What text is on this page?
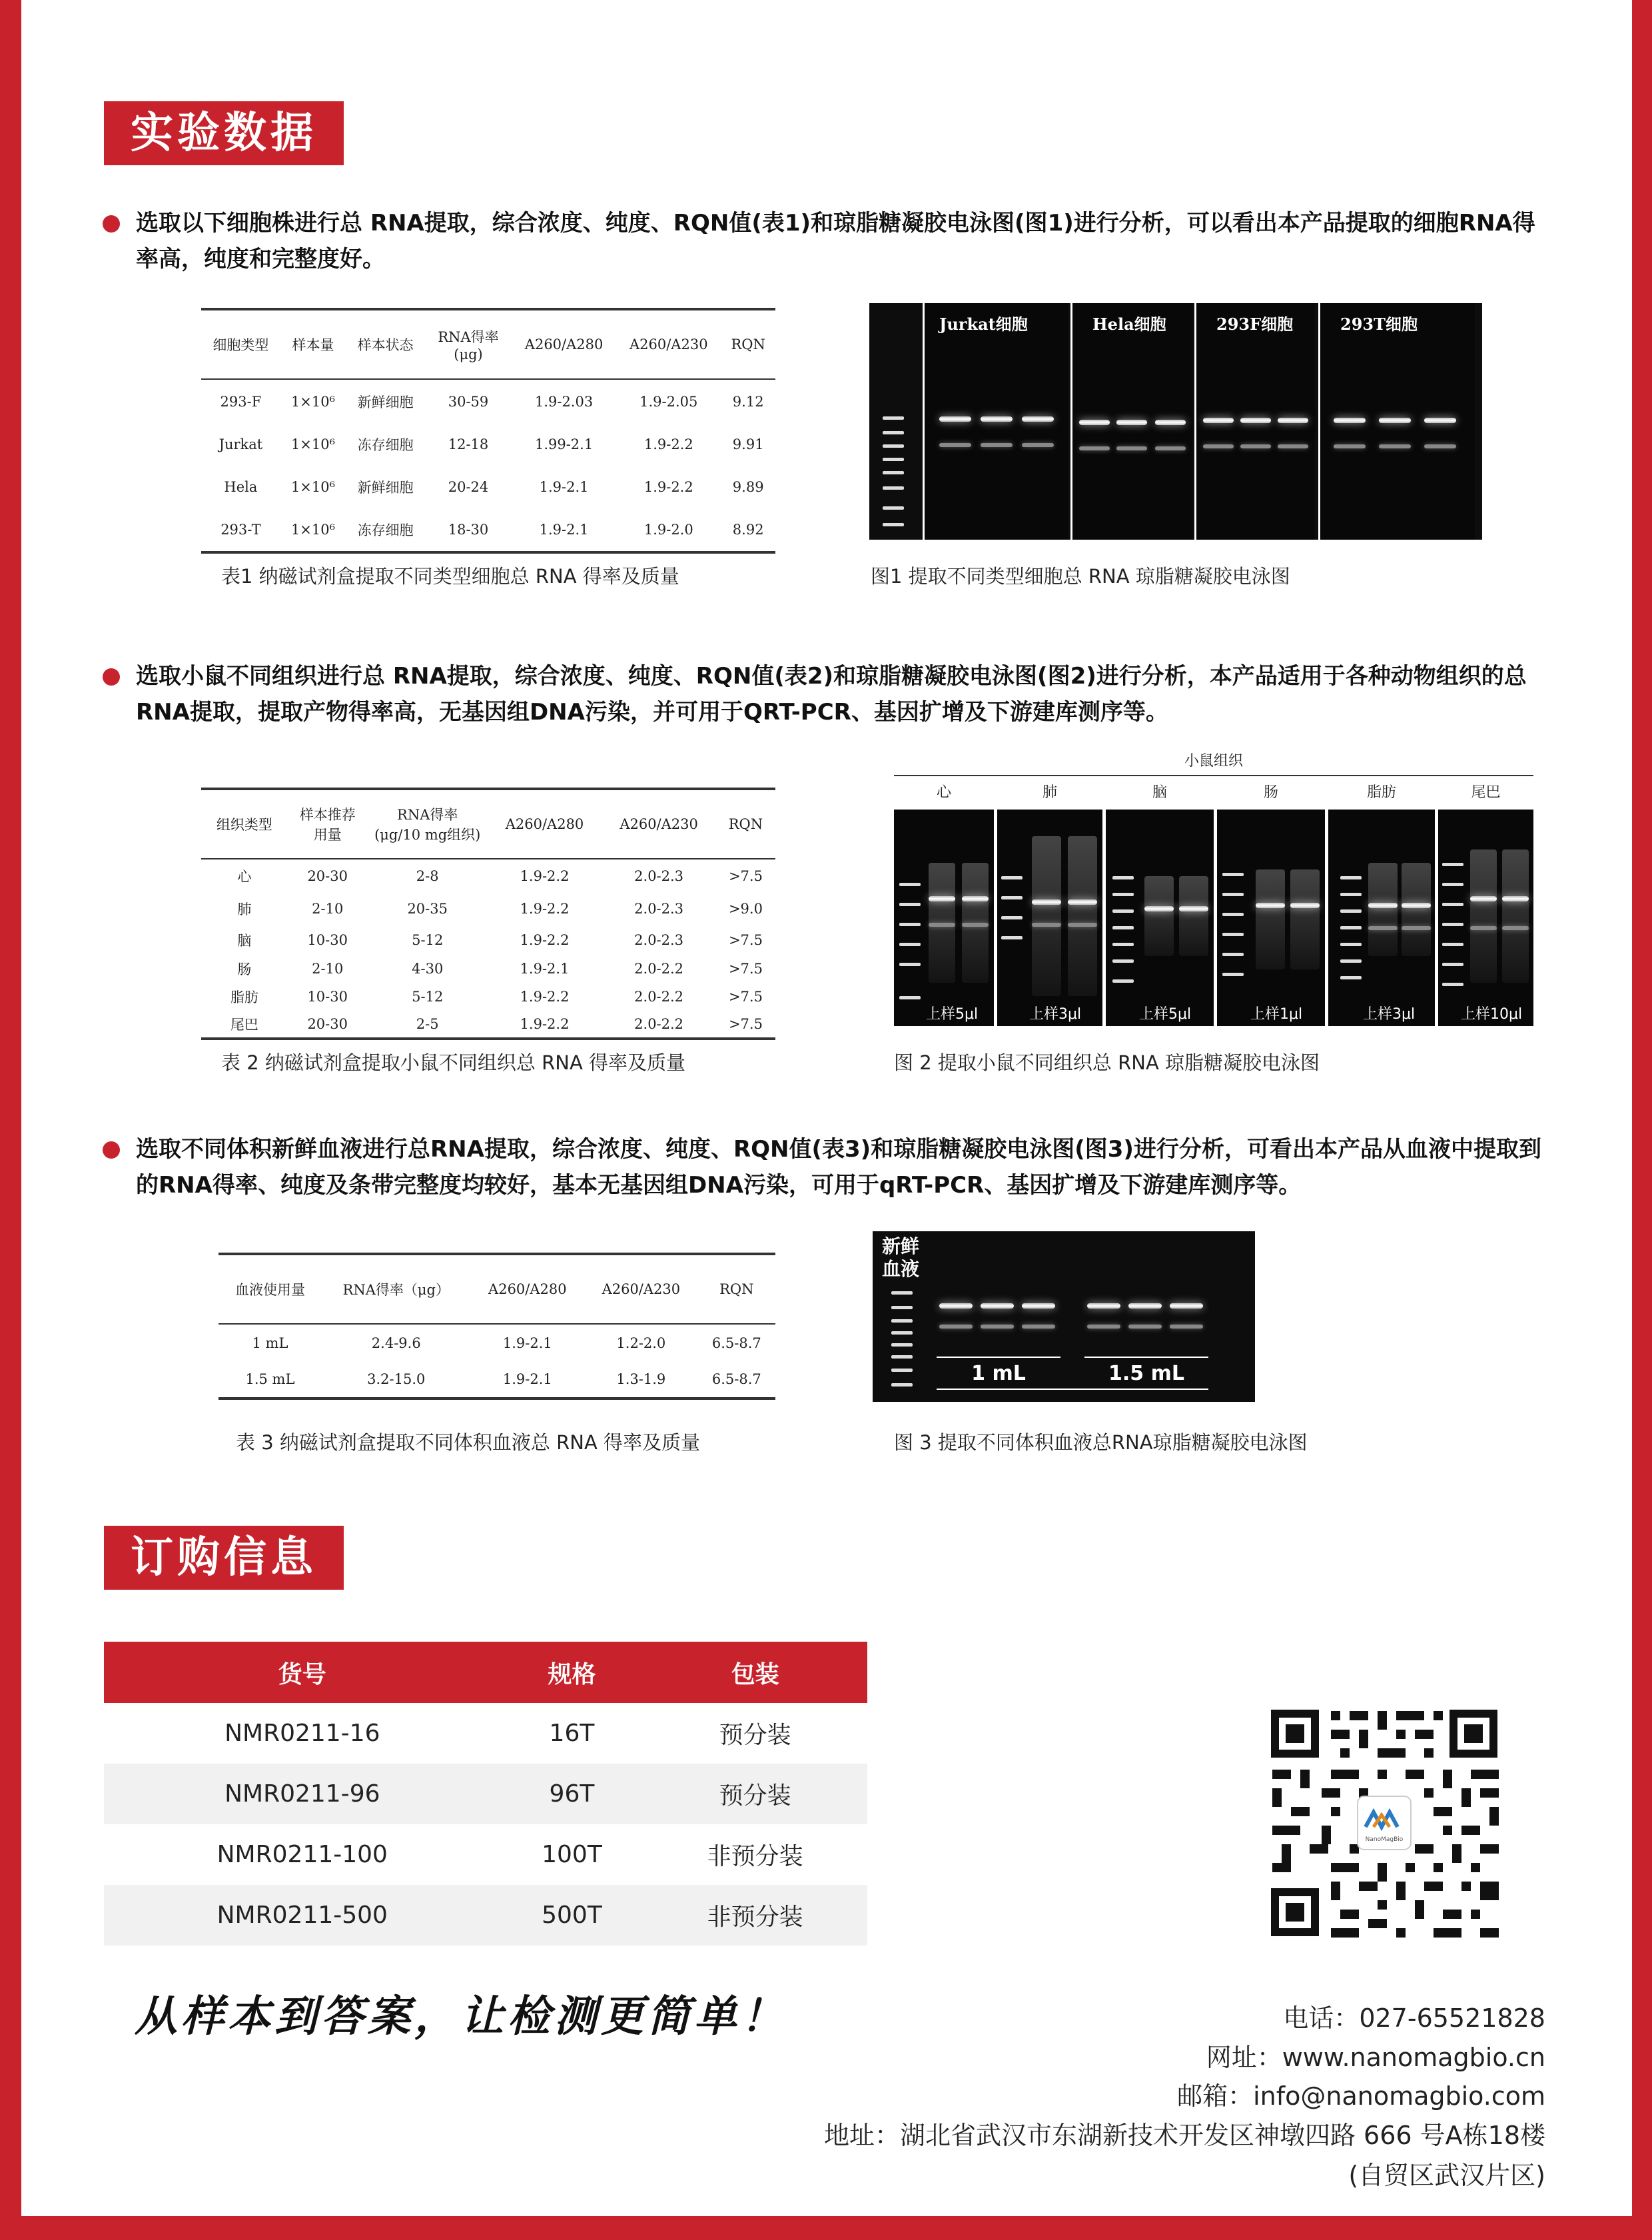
实验数据
选取以下细胞株进行总 RNA提取，综合浓度、纯度、RQN值(表1)和琼脂糖凝胶电泳图(图1)进行分析，可以看出本产品提取的细胞RNA得率高，纯度和完整度好。
细胞类型	样本量	样本状态	RNA得率 (μg)	A260/A280	A260/A230	RQN
293-F	1×10⁶	新鲜细胞	30-59	1.9-2.03	1.9-2.05	9.12
Jurkat	1×10⁶	冻存细胞	12-18	1.99-2.1	1.9-2.2	9.91
Hela	1×10⁶	新鲜细胞	20-24	1.9-2.1	1.9-2.2	9.89
293-T	1×10⁶	冻存细胞	18-30	1.9-2.1	1.9-2.0	8.92
表1 纳磁试剂盒提取不同类型细胞总 RNA 得率及质量
Jurkat细胞	Hela细胞	293F细胞	293T细胞
图1 提取不同类型细胞总 RNA 琼脂糖凝胶电泳图
选取小鼠不同组织进行总 RNA提取，综合浓度、纯度、RQN值(表2)和琼脂糖凝胶电泳图(图2)进行分析，本产品适用于各种动物组织的总RNA提取，提取产物得率高，无基因组DNA污染，并可用于QRT-PCR、基因扩增及下游建库测序等。
组织类型	样本推荐 用量	RNA得率 (μg/10 mg组织)	A260/A280	A260/A230	RQN
心	20-30	2-8	1.9-2.2	2.0-2.3	>7.5
肺	2-10	20-35	1.9-2.2	2.0-2.3	>9.0
脑	10-30	5-12	1.9-2.2	2.0-2.3	>7.5
肠	2-10	4-30	1.9-2.1	2.0-2.2	>7.5
脂肪	10-30	5-12	1.9-2.2	2.0-2.2	>7.5
尾巴	20-30	2-5	1.9-2.2	2.0-2.2	>7.5
表 2 纳磁试剂盒提取小鼠不同组织总 RNA 得率及质量
小鼠组织
心	肺	脑	肠	脂肪	尾巴
上样5μl	上样3μl	上样5μl	上样1μl	上样3μl	上样10μl
图 2 提取小鼠不同组织总 RNA 琼脂糖凝胶电泳图
选取不同体积新鲜血液进行总RNA提取，综合浓度、纯度、RQN值(表3)和琼脂糖凝胶电泳图(图3)进行分析，可看出本产品从血液中提取到的RNA得率、纯度及条带完整度均较好，基本无基因组DNA污染，可用于qRT-PCR、基因扩增及下游建库测序等。
血液使用量	RNA得率（μg）	A260/A280	A260/A230	RQN
1 mL	2.4-9.6	1.9-2.1	1.2-2.0	6.5-8.7
1.5 mL	3.2-15.0	1.9-2.1	1.3-1.9	6.5-8.7
表 3 纳磁试剂盒提取不同体积血液总 RNA 得率及质量
新鲜
血液
1 mL	1.5 mL
图 3 提取不同体积血液总RNA琼脂糖凝胶电泳图
订购信息
货号	规格	包装
NMR0211-16	16T	预分装
NMR0211-96	96T	预分装
NMR0211-100	100T	非预分装
NMR0211-500	500T	非预分装
NanoMagBio
从样本到答案，让检测更简单！	电话：027-65521828
网址：www.nanomagbio.cn
邮箱：info@nanomagbio.com
地址：湖北省武汉市东湖新技术开发区神墩四路 666 号A栋18楼
(自贸区武汉片区)
